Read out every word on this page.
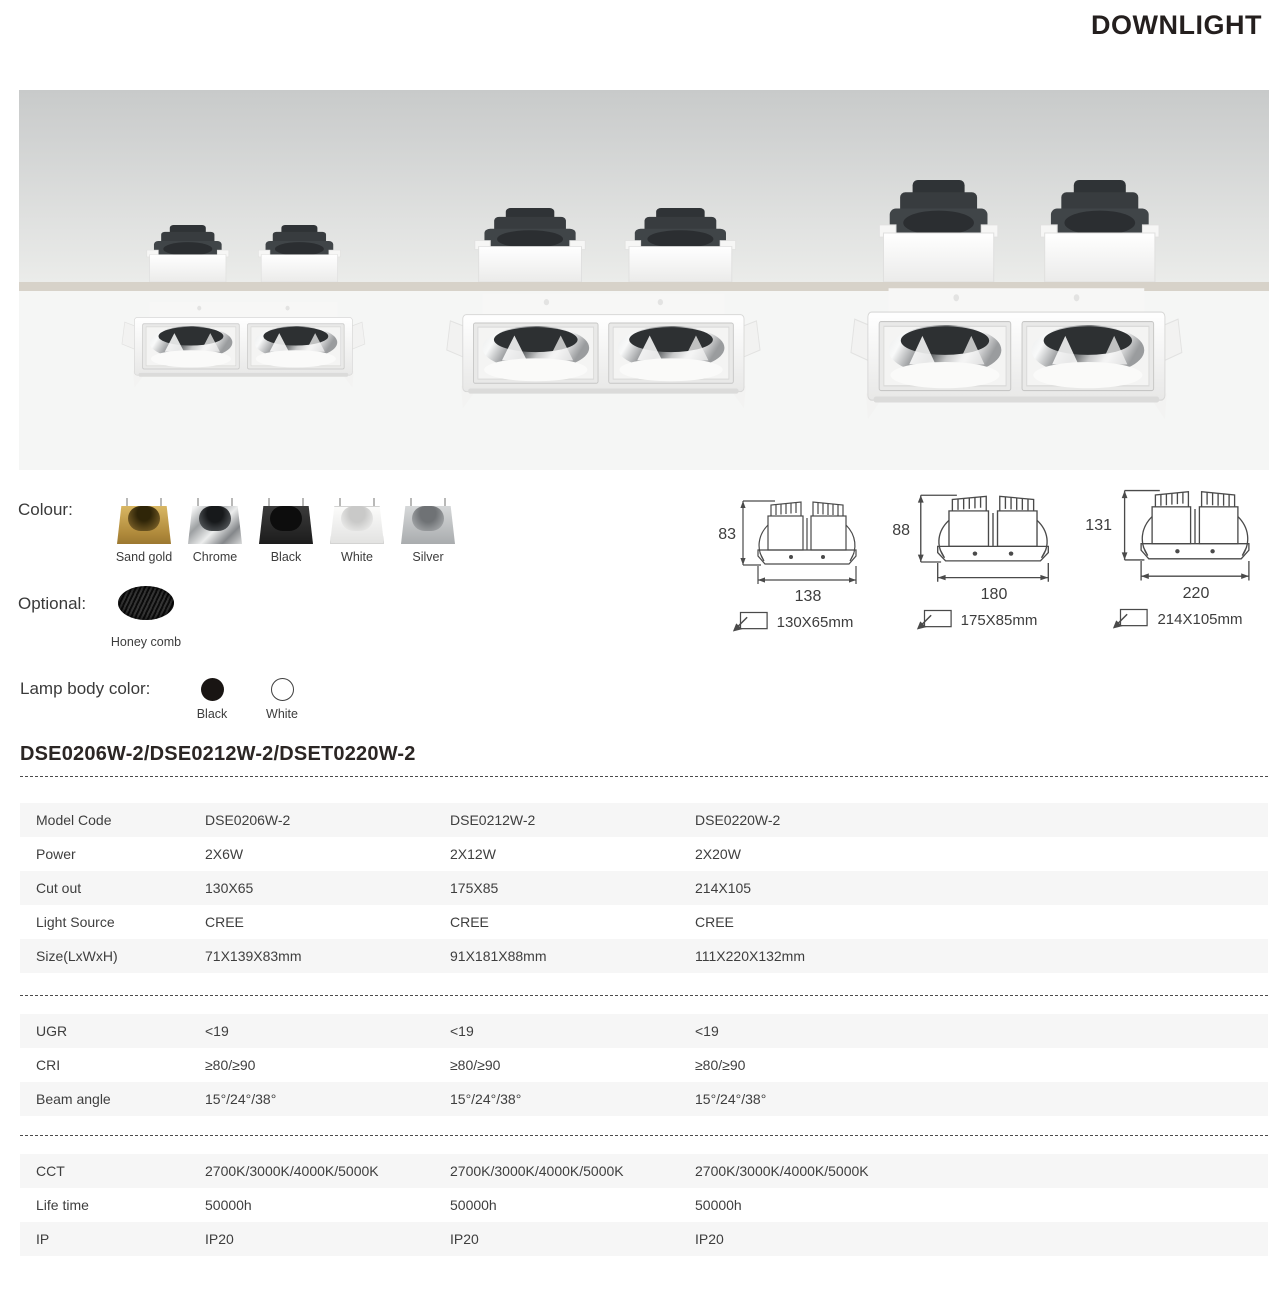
DOWNLIGHT
Colour:
Sand gold Chrome	Black	White	Silver
Optional:
Honey comb
Lamp body color:
Black	White
83
138
130X65mm
88
180
175X85mm
131
220
214X105mm
DSE0206W-2/DSE0212W-2/DSET0220W-2
Model Code	DSE0206W-2	DSE0212W-2	DSE0220W-2
Power	2X6W	2X12W	2X20W
Cut out	130X65	175X85	214X105
Light Source	CREE	CREE	CREE
Size(LxWxH)	71X139X83mm	91X181X88mm	111X220X132mm
UGR	<19	<19	<19
CRI	≥80/≥90	≥80/≥90	≥80/≥90
Beam angle	15°/24°/38°	15°/24°/38°	15°/24°/38°
CCT	2700K/3000K/4000K/5000K	2700K/3000K/4000K/5000K	2700K/3000K/4000K/5000K
Life time	50000h	50000h	50000h
IP	IP20	IP20	IP20
